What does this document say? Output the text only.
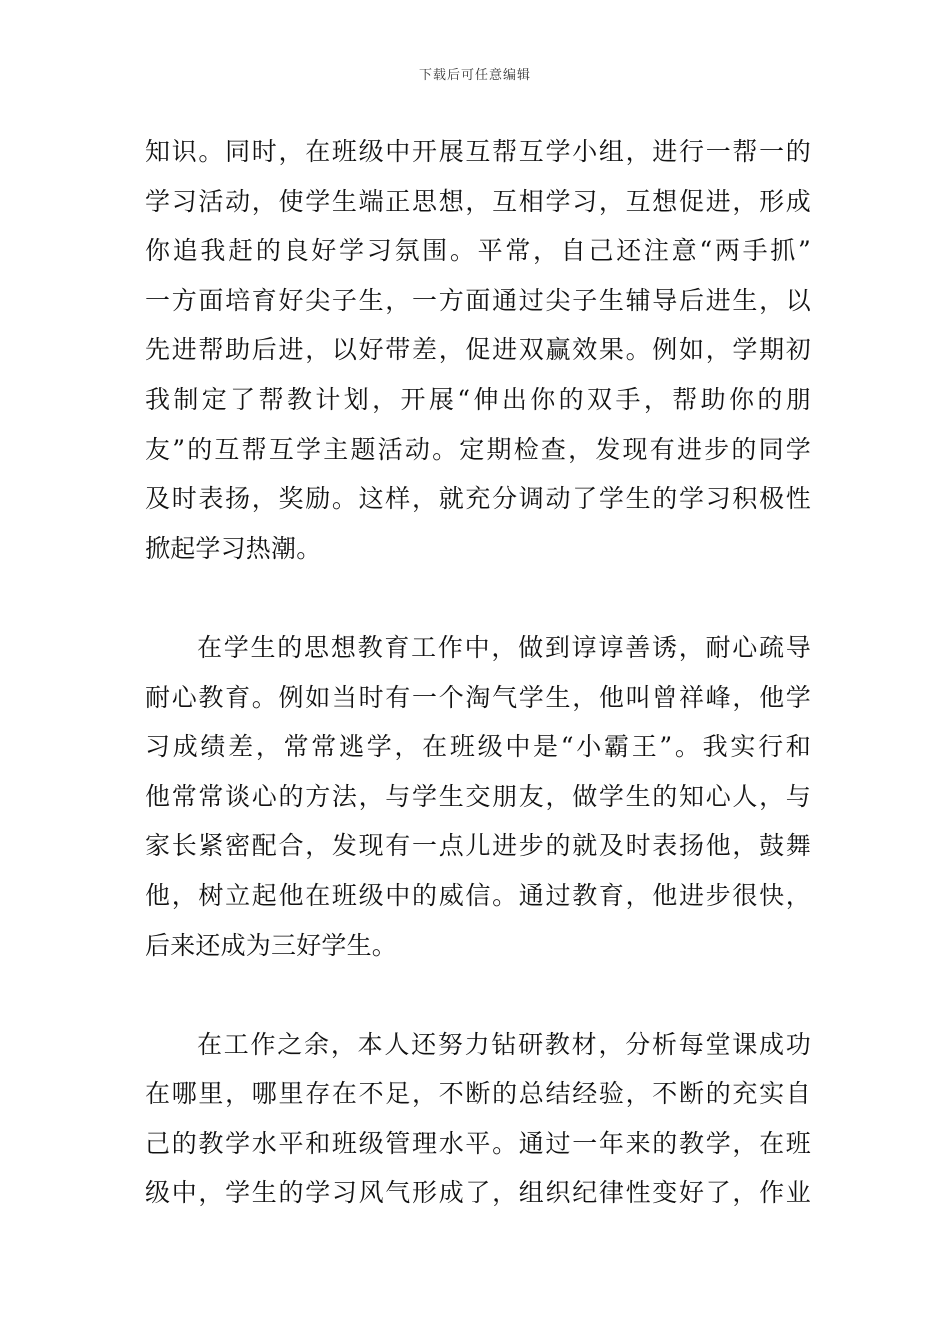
下载后可任意编辑
知识。同时，在班级中开展互帮互学小组，进行一帮一的
学习活动，使学生端正思想，互相学习，互想促进，形成
你追我赶的良好学习氛围。平常，自己还注意“两手抓”
一方面培育好尖子生，一方面通过尖子生辅导后进生，以
先进帮助后进，以好带差，促进双赢效果。例如，学期初
我制定了帮教计划，开展“伸出你的双手，帮助你的朋
友”的互帮互学主题活动。定期检查，发现有进步的同学
及时表扬，奖励。这样，就充分调动了学生的学习积极性
掀起学习热潮。
在学生的思想教育工作中，做到谆谆善诱，耐心疏导
耐心教育。例如当时有一个淘气学生，他叫曾祥峰，他学
习成绩差，常常逃学，在班级中是“小霸王”。我实行和
他常常谈心的方法，与学生交朋友，做学生的知心人，与
家长紧密配合，发现有一点儿进步的就及时表扬他，鼓舞
他，树立起他在班级中的威信。通过教育，他进步很快，
后来还成为三好学生。
在工作之余，本人还努力钻研教材，分析每堂课成功
在哪里，哪里存在不足，不断的总结经验，不断的充实自
己的教学水平和班级管理水平。通过一年来的教学，在班
级中，学生的学习风气形成了，组织纪律性变好了，作业
